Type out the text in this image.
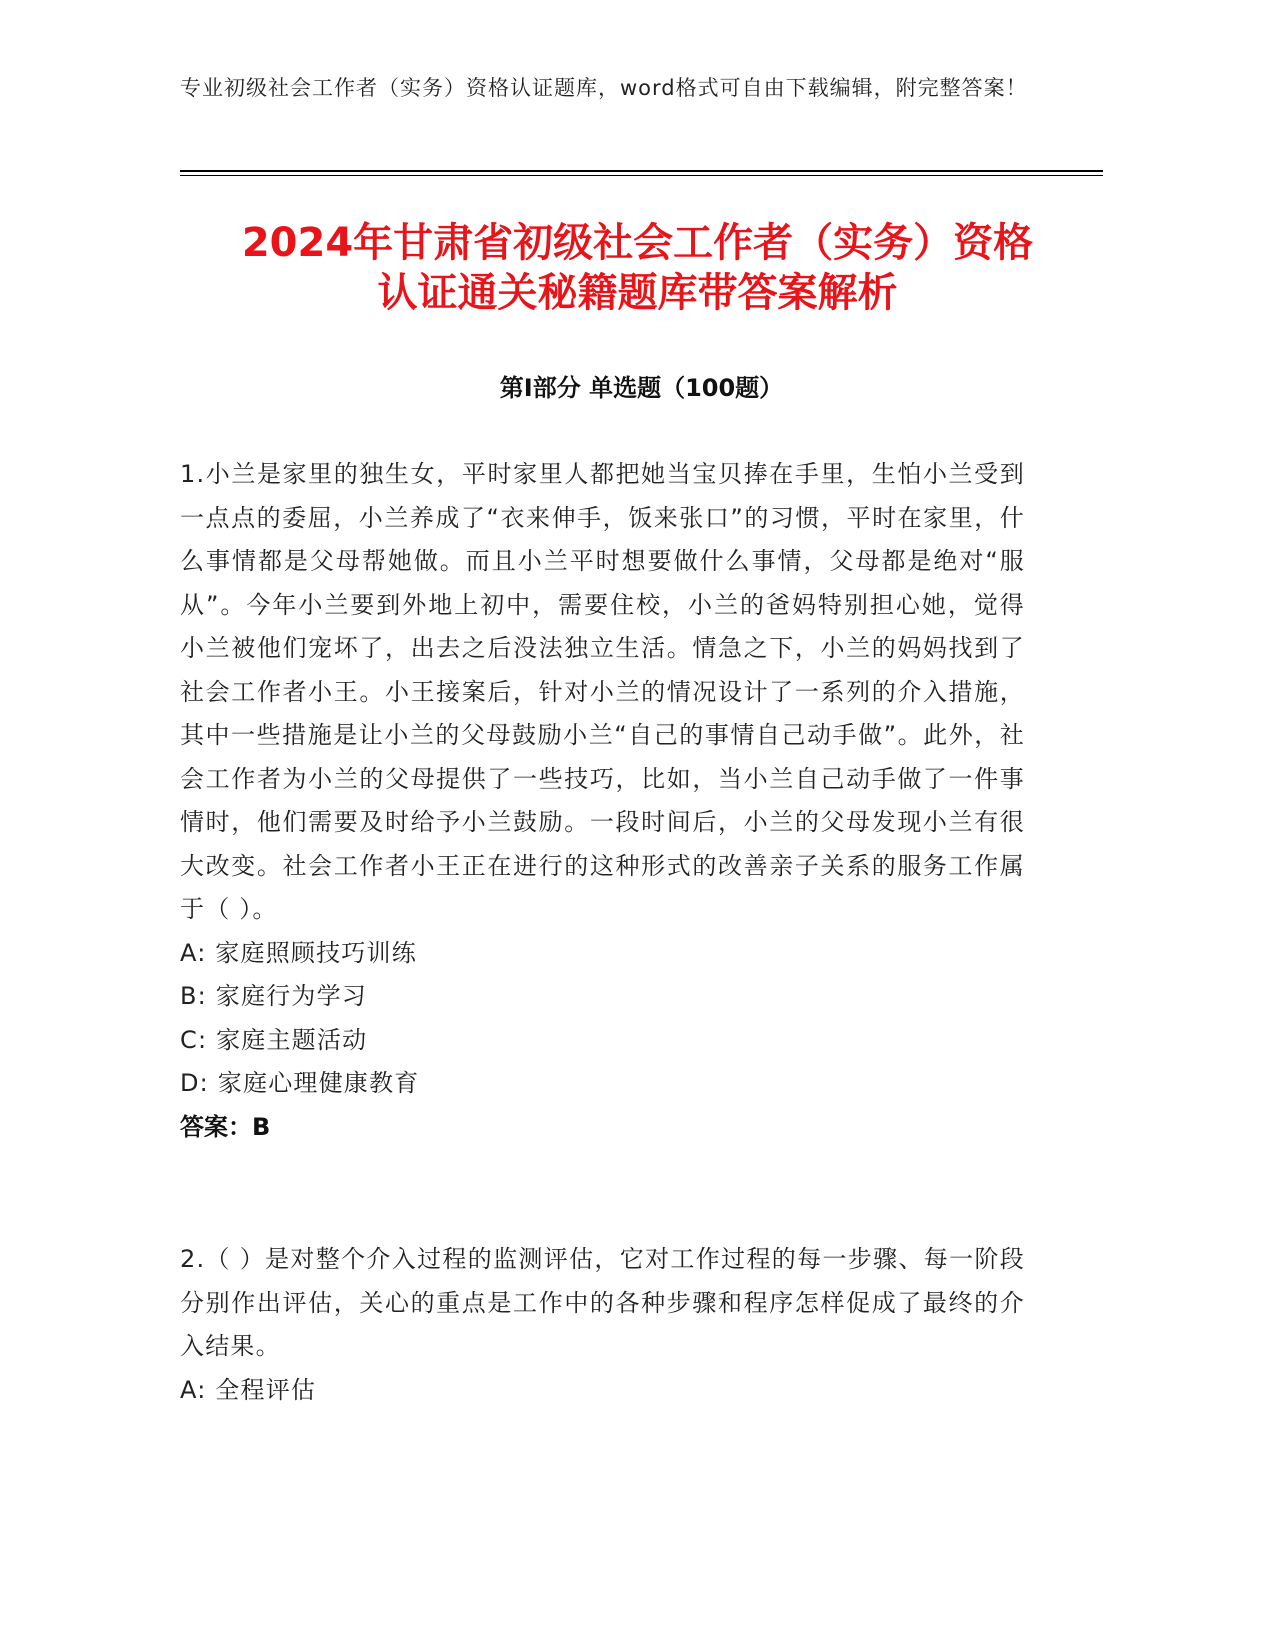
专业初级社会工作者（实务）资格认证题库，word格式可自由下载编辑，附完整答案！
2024年甘肃省初级社会工作者（实务）资格
认证通关秘籍题库带答案解析
第Ⅰ部分 单选题（100题）
1.小兰是家里的独生女，平时家里人都把她当宝贝捧在手里，生怕小兰受到一点点的委屈，小兰养成了“衣来伸手，饭来张口”的习惯，平时在家里，什么事情都是父母帮她做。而且小兰平时想要做什么事情，父母都是绝对“服从”。今年小兰要到外地上初中，需要住校，小兰的爸妈特别担心她，觉得小兰被他们宠坏了，出去之后没法独立生活。情急之下，小兰的妈妈找到了社会工作者小王。小王接案后，针对小兰的情况设计了一系列的介入措施，其中一些措施是让小兰的父母鼓励小兰“自己的事情自己动手做”。此外，社会工作者为小兰的父母提供了一些技巧，比如，当小兰自己动手做了一件事情时，他们需要及时给予小兰鼓励。一段时间后，小兰的父母发现小兰有很大改变。社会工作者小王正在进行的这种形式的改善亲子关系的服务工作属于（ ）。
A: 家庭照顾技巧训练
B: 家庭行为学习
C: 家庭主题活动
D: 家庭心理健康教育
答案：B
2.（ ）是对整个介入过程的监测评估，它对工作过程的每一步骤、每一阶段分别作出评估，关心的重点是工作中的各种步骤和程序怎样促成了最终的介入结果。
A: 全程评估
